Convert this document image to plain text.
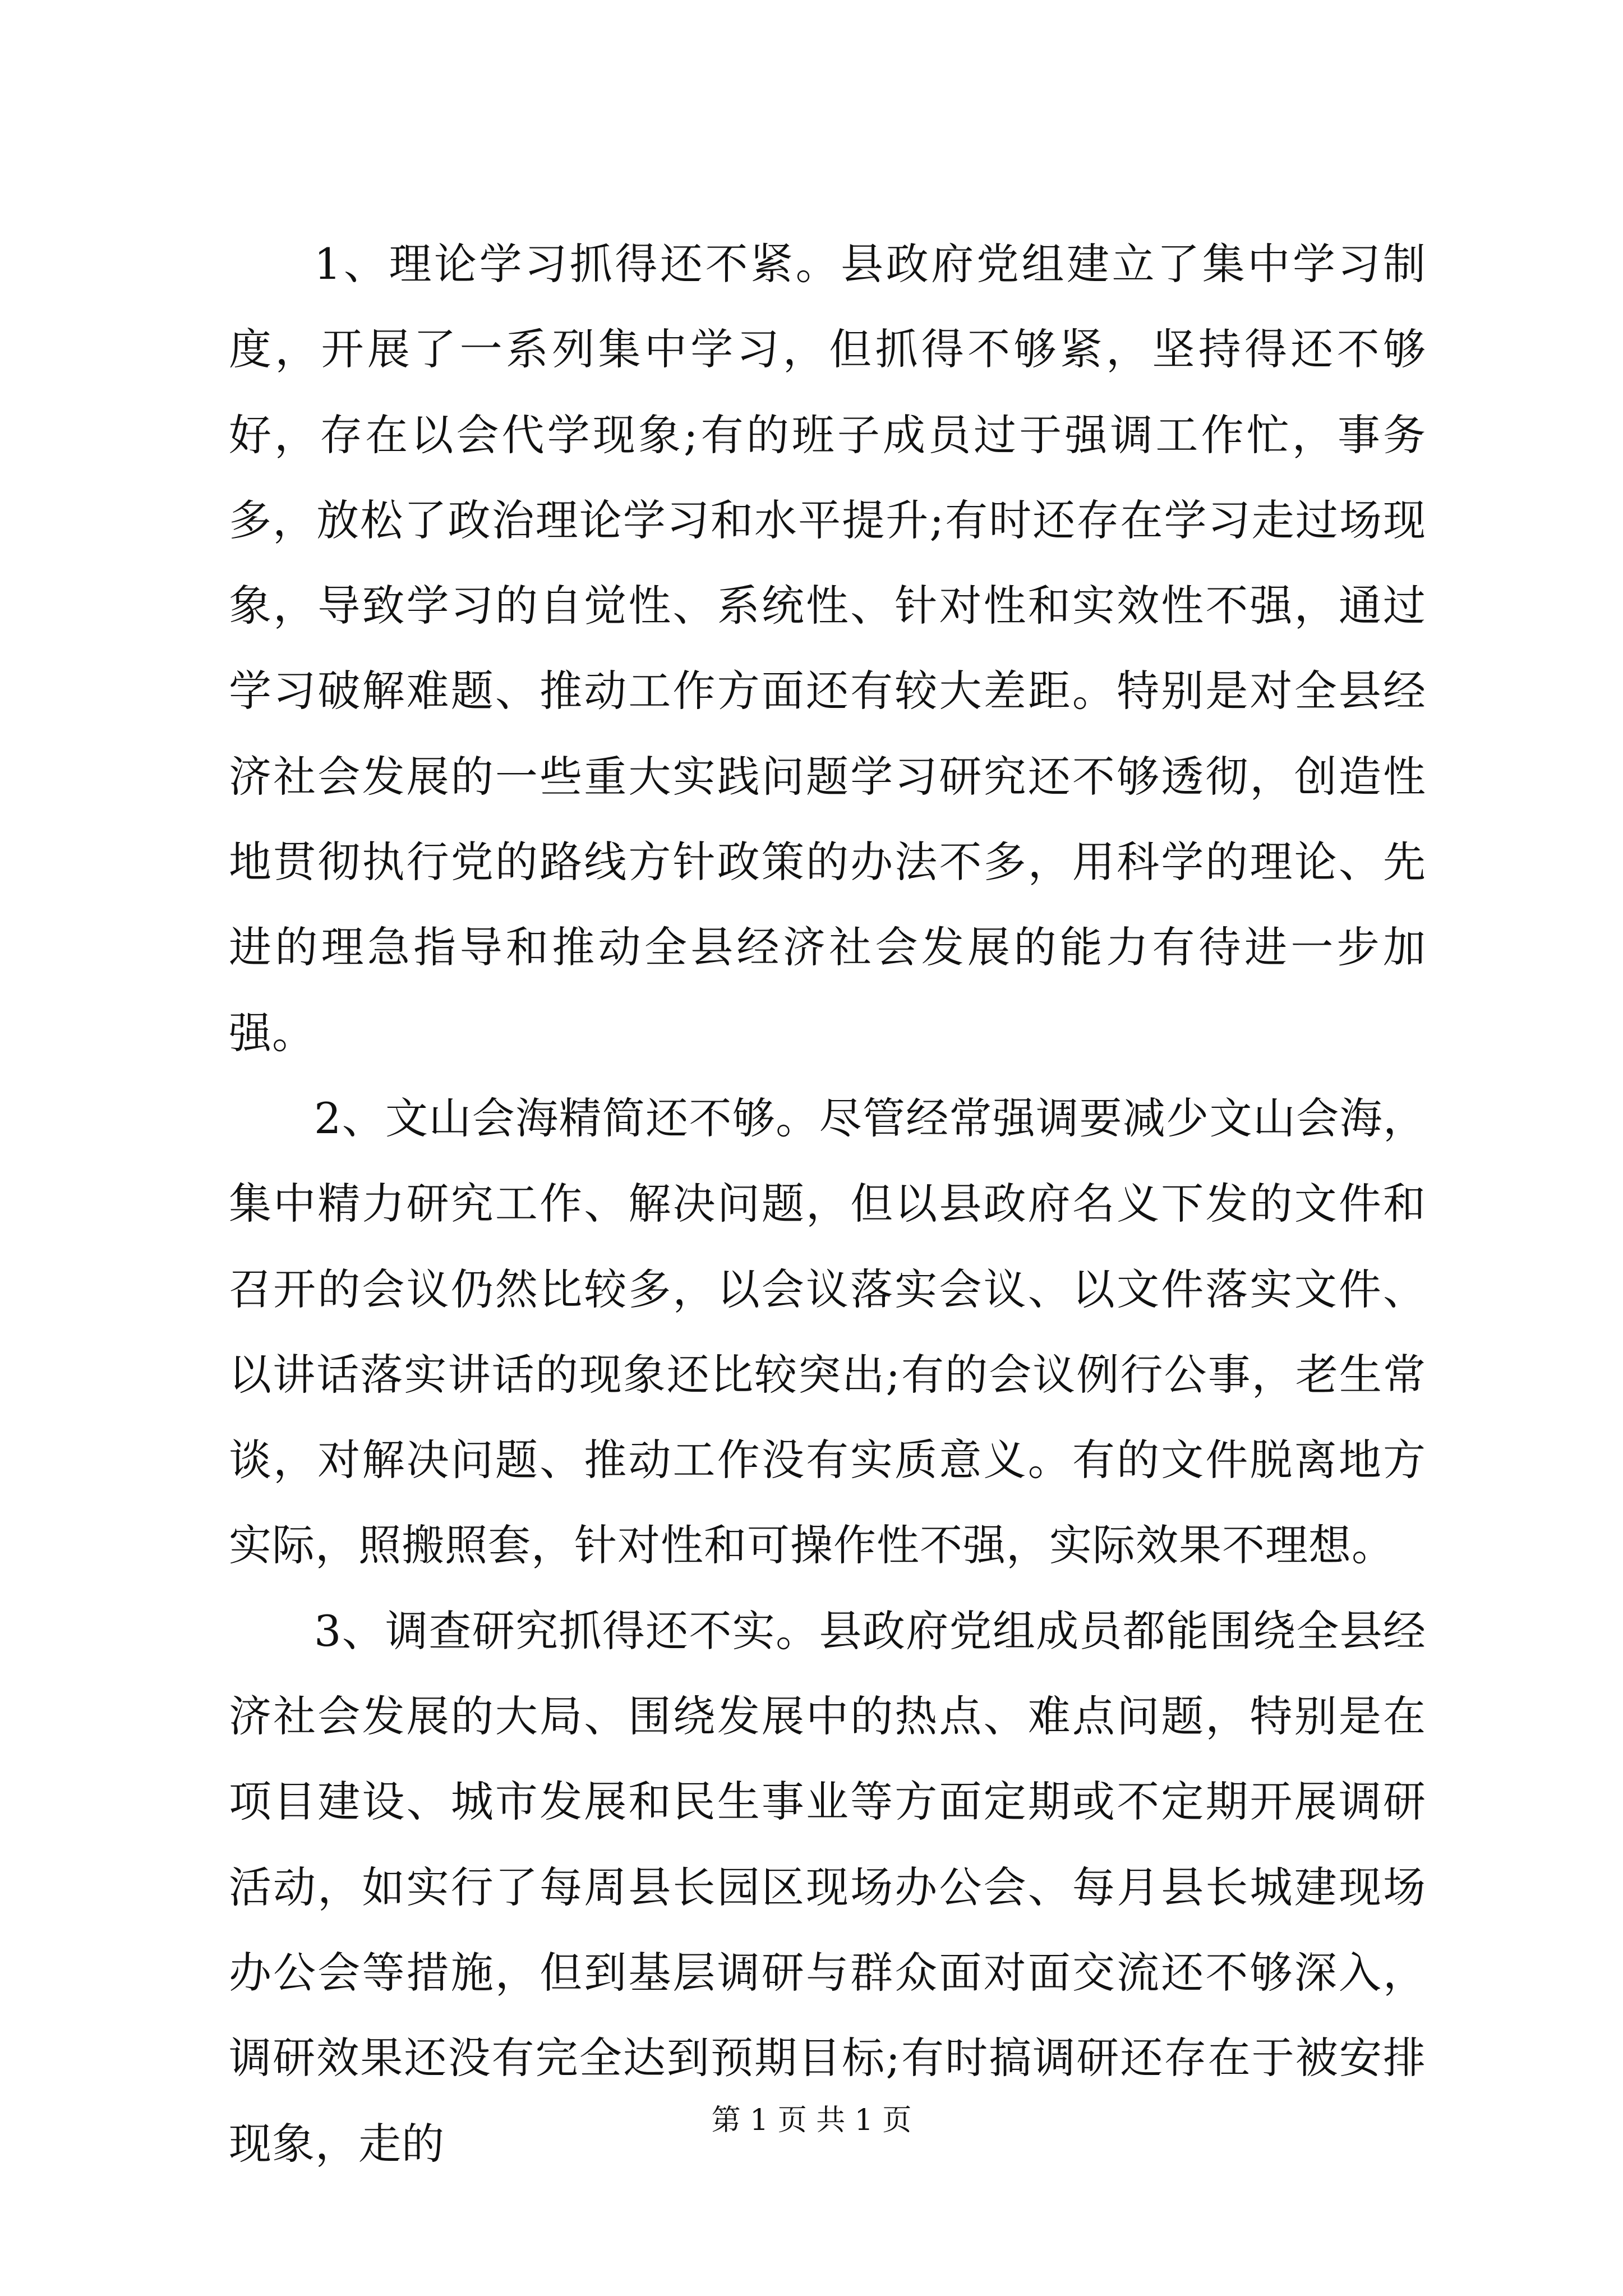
1、理论学习抓得还不紧。县政府党组建立了集中学习制度，开展了一系列集中学习，但抓得不够紧，坚持得还不够好，存在以会代学现象;有的班子成员过于强调工作忙，事务多，放松了政治理论学习和水平提升;有时还存在学习走过场现象，导致学习的自觉性、系统性、针对性和实效性不强，通过学习破解难题、推动工作方面还有较大差距。特别是对全县经济社会发展的一些重大实践问题学习研究还不够透彻，创造性地贯彻执行党的路线方针政策的办法不多，用科学的理论、先进的理急指导和推动全县经济社会发展的能力有待进一步加强。

2、文山会海精简还不够。尽管经常强调要减少文山会海，集中精力研究工作、解决问题，但以县政府名义下发的文件和召开的会议仍然比较多，以会议落实会议、以文件落实文件、以讲话落实讲话的现象还比较突出;有的会议例行公事，老生常谈，对解决问题、推动工作没有实质意义。有的文件脱离地方实际，照搬照套，针对性和可操作性不强，实际效果不理想。

3、调查研究抓得还不实。县政府党组成员都能围绕全县经济社会发展的大局、围绕发展中的热点、难点问题，特别是在项目建设、城市发展和民生事业等方面定期或不定期开展调研活动，如实行了每周县长园区现场办公会、每月县长城建现场办公会等措施，但到基层调研与群众面对面交流还不够深入，调研效果还没有完全达到预期目标;有时搞调研还存在于被安排现象，走的	第 1 页 共 1 页
